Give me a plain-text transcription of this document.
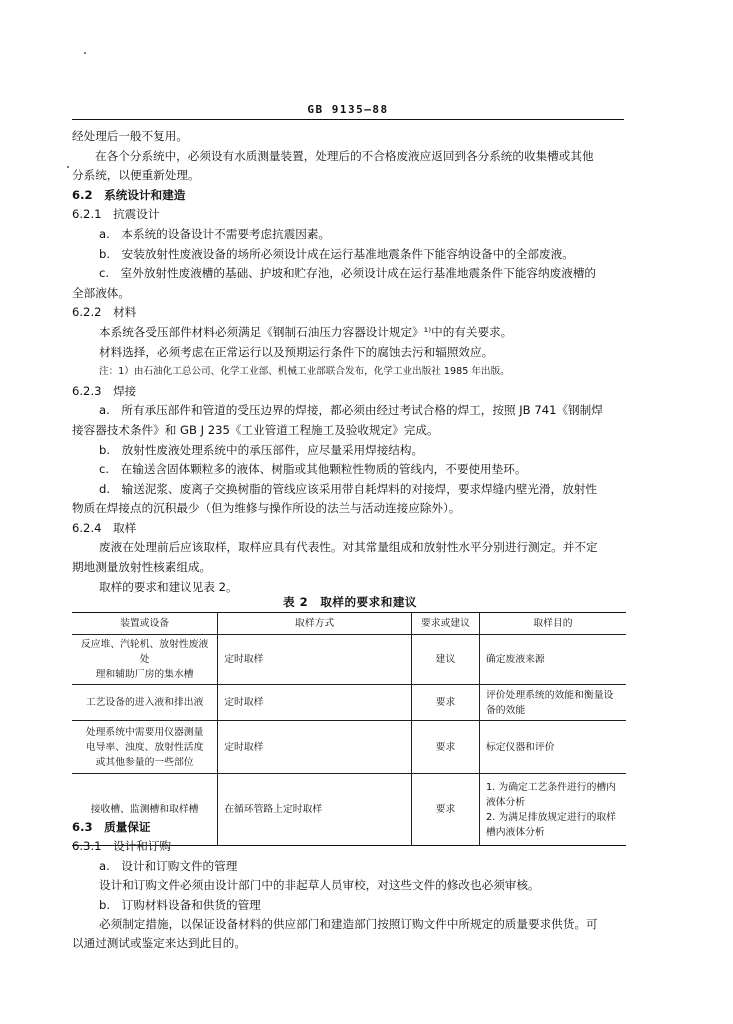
GB 9135—88

经处理后一般不复用。

在各个分系统中，必须设有水质测量装置，处理后的不合格废液应返回到各分系统的收集槽或其他

分系统，以便重新处理。

6.2　系统设计和建造

6.2.1　抗震设计

a.　本系统的设备设计不需要考虑抗震因素。

b.　安装放射性废液设备的场所必须设计成在运行基准地震条件下能容纳设备中的全部废液。

c.　室外放射性废液槽的基础、护坡和贮存池，必须设计成在运行基准地震条件下能容纳废液槽的

全部液体。

6.2.2　材料

本系统各受压部件材料必须满足《钢制石油压力容器设计规定》¹⁾中的有关要求。

材料选择，必须考虑在正常运行以及预期运行条件下的腐蚀去污和辐照效应。

注：1）由石油化工总公司、化学工业部、机械工业部联合发布，化学工业出版社 1985 年出版。

6.2.3　焊接

a.　所有承压部件和管道的受压边界的焊接，都必须由经过考试合格的焊工，按照 JB 741《钢制焊

接容器技术条件》和 GB J 235《工业管道工程施工及验收规定》完成。

b.　放射性废液处理系统中的承压部件，应尽量采用焊接结构。

c.　在输送含固体颗粒多的液体、树脂或其他颗粒性物质的管线内，不要使用垫环。

d.　输送泥浆、废离子交换树脂的管线应该采用带自耗焊料的对接焊，要求焊缝内壁光滑，放射性

物质在焊接点的沉积最少（但为维修与操作所设的法兰与活动连接应除外）。

6.2.4　取样

废液在处理前后应该取样，取样应具有代表性。对其常量组成和放射性水平分别进行测定。并不定

期地测量放射性核素组成。

取样的要求和建议见表 2。

表 2　取样的要求和建议
装置或设备	取样方式	要求或建议	取样目的

反应堆、汽轮机、放射性废液处
理和辅助厂房的集水槽	定时取样	建议	确定废液来源

工艺设备的进入液和排出液	定时取样	要求	评价处理系统的效能和衡量设
备的效能

处理系统中需要用仪器测量
电导率、浊度、放射性活度
或其他参量的一些部位	定时取样	要求	标定仪器和评价

接收槽、监测槽和取样槽	在循环管路上定时取样	要求	1. 为确定工艺条件进行的槽内
液体分析
2. 为满足排放规定进行的取样
槽内液体分析

6.3　质量保证

6.3.1　设计和订购

a.　设计和订购文件的管理

设计和订购文件必须由设计部门中的非起草人员审校，对这些文件的修改也必须审核。

b.　订购材料设备和供货的管理

必须制定措施，以保证设备材料的供应部门和建造部门按照订购文件中所规定的质量要求供货。可

以通过测试或鉴定来达到此目的。
